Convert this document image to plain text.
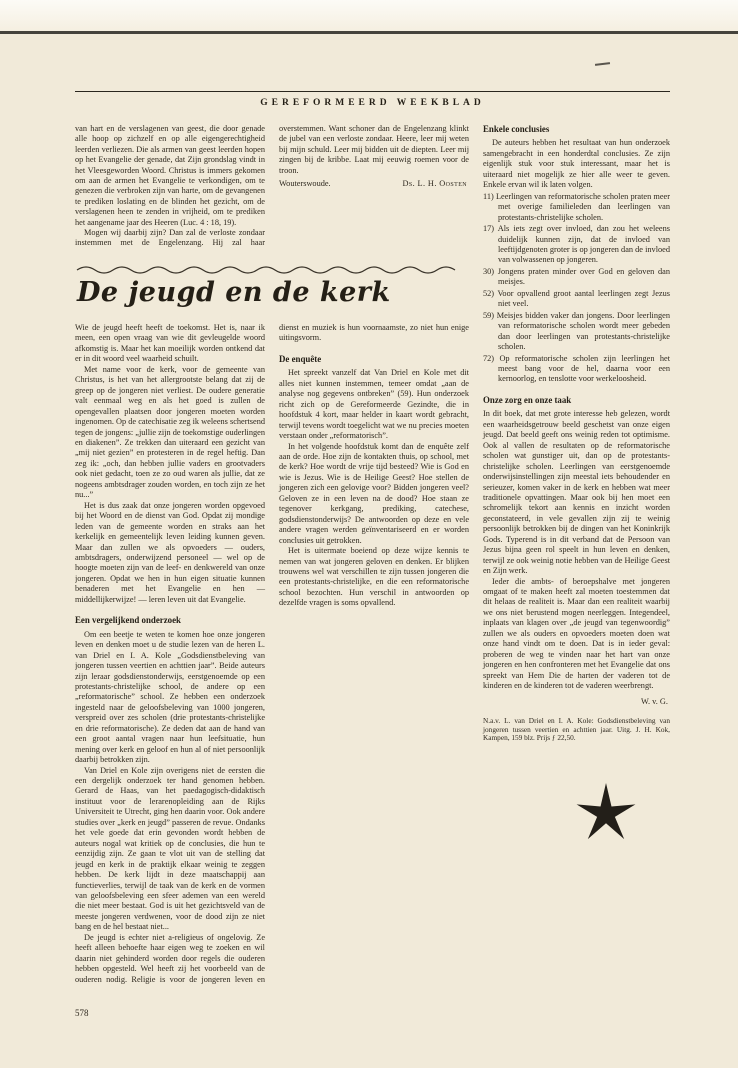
GEREFORMEERD WEEKBLAD

van hart en de verslagenen van geest, die door genade alle hoop op zichzelf en op alle eigengerechtigheid leerden verliezen. Die als armen van geest leerden hopen op het Evangelie der genade, dat Zijn grondslag vindt in het Vleesgeworden Woord. Christus is immers gekomen om aan de armen het Evangelie te verkondigen, om te genezen die verbroken zijn van harte, om de gevangenen te prediken loslating en de blinden het gezicht, om de verslagenen heen te zenden in vrijheid, om te prediken het aangename jaar des Heeren (Luc. 4 : 18, 19).

Mogen wij daarbij zijn? Dan zal de verloste zondaar instemmen met de Engelenzang. Hij zal haar overstemmen. Want schoner dan de Engelenzang klinkt de jubel van een verloste zondaar. Heere, leer mij weten bij mijn schuld. Leer mij bidden uit de diepten. Leer mij zingen bij de kribbe. Laat mij eeuwig roemen voor de troon.

Wouterswoude.	Ds. L. H. Oosten
De jeugd en de kerk

Wie de jeugd heeft heeft de toekomst. Het is, naar ik meen, een open vraag van wie dit gevleugelde woord afkomstig is. Maar het kan moeilijk worden ontkend dat er in dit woord veel waarheid schuilt.

Met name voor de kerk, voor de gemeente van Christus, is het van het allergrootste belang dat zij de greep op de jongeren niet verliest. De oudere generatie valt eenmaal weg en als het goed is zullen de opengevallen plaatsen door jongeren moeten worden ingenomen. Op de catechisatie zeg ik weleens schertsend tegen de jongens: „jullie zijn de toekomstige ouderlingen en diakenen”. Ze trekken dan uiteraard een gezicht van „mij niet gezien” en protesteren in de regel heftig. Dan zeg ik: „och, dan hebben jullie vaders en grootvaders ook niet gedacht, toen ze zo oud waren als jullie, dat ze nogeens ambtsdrager zouden worden, en toch zijn ze het nu...”

Het is dus zaak dat onze jongeren worden opgevoed bij het Woord en de dienst van God. Opdat zij mondige leden van de gemeente worden en straks aan het kerkelijk en gemeentelijk leven leiding kunnen geven. Maar dan zullen we als opvoeders — ouders, ambtsdragers, onderwijzend personeel — wel op de hoogte moeten zijn van de leef- en denkwereld van onze jongeren. Opdat we hen in hun eigen situatie kunnen benaderen met het Evangelie en hen — middellijkerwijze! — leren leven uit dat Evangelie.

Een vergelijkend onderzoek

Om een beetje te weten te komen hoe onze jongeren leven en denken moet u de studie lezen van de heren L. van Driel en I. A. Kole „Godsdienstbeleving van jongeren tussen veertien en achttien jaar”. Beide auteurs zijn leraar godsdienstonderwijs, eerstgenoemde op een protestants-christelijke school, de andere op een „reformatorische” school. Ze hebben een onderzoek ingesteld naar de geloofsbeleving van 1000 jongeren, verspreid over zes scholen (drie protestants-christelijke en drie reformatorische). Ze deden dat aan de hand van een groot aantal vragen naar hun leefsituatie, hun mening over kerk en geloof en hun al of niet persoonlijk daarbij betrokken zijn.

Van Driel en Kole zijn overigens niet de eersten die een dergelijk onderzoek ter hand genomen hebben. Gerard de Haas, van het paedagogisch-didaktisch instituut voor de lerarenopleiding aan de Rijks Universiteit te Utrecht, ging hen daarin voor. Ook andere studies over „kerk en jeugd” passeren de revue. Ondanks het vele goede dat erin gevonden wordt hebben de auteurs nogal wat kritiek op de conclusies, die hun te eenzijdig zijn. Ze gaan te vlot uit van de stelling dat jeugd en kerk in de praktijk elkaar weinig te zeggen hebben. De kerk lijdt in deze maatschappij aan functieverlies, terwijl de taak van de kerk en de vormen van geloofsbeleving een sfeer ademen van een wereld die niet meer bestaat. God is uit het gezichtsveld van de meeste jongeren verdwenen, voor de dood zijn ze niet bang en de hel bestaat niet...

De jeugd is echter niet a-religieus of ongelovig. Ze heeft alleen behoefte haar eigen weg te zoeken en wil daarin niet gehinderd worden door regels die ouderen hebben opgesteld. Wel heeft zij het voorbeeld van de ouderen nodig. Religie is voor de jongeren leven en dienst en muziek is hun voornaamste, zo niet hun enige uitingsvorm.

De enquête

Het spreekt vanzelf dat Van Driel en Kole met dit alles niet kunnen instemmen, temeer omdat „aan de analyse nog gegevens ontbreken” (59). Hun onderzoek richt zich op de Gereformeerde Gezindte, die in hoofdstuk 4 kort, maar helder in kaart wordt gebracht, terwijl tevens wordt toegelicht wat we nu precies moeten verstaan onder „reformatorisch”.

In het volgende hoofdstuk komt dan de enquête zelf aan de orde. Hoe zijn de kontakten thuis, op school, met de kerk? Hoe wordt de vrije tijd besteed? Wie is God en wie is Jezus. Wie is de Heilige Geest? Hoe stellen de jongeren zich een gelovige voor? Bidden jongeren veel? Geloven ze in een leven na de dood? Hoe staan ze tegenover kerkgang, prediking, catechese, godsdienstonderwijs? De antwoorden op deze en vele andere vragen werden geïnventariseerd en er worden conclusies uit getrokken.

Het is uitermate boeiend op deze wijze kennis te nemen van wat jongeren geloven en denken. Er blijken trouwens wel wat verschillen te zijn tussen jongeren die een protestants-christelijke, en die een reformatorische school bezochten. Hun verschil in antwoorden op dezelfde vragen is soms opvallend.

Enkele conclusies

De auteurs hebben het resultaat van hun onderzoek samengebracht in een honderdtal conclusies. Ze zijn eigenlijk stuk voor stuk interessant, maar het is uiteraard niet mogelijk ze hier alle weer te geven. Enkele ervan wil ik laten volgen.

11) Leerlingen van reformatorische scholen praten meer met overige familieleden dan leerlingen van protestants-christelijke scholen.
17) Als iets zegt over invloed, dan zou het weleens duidelijk kunnen zijn, dat de invloed van leeftijdgenoten groter is op jongeren dan de invloed van volwassenen op jongeren.
30) Jongens praten minder over God en geloven dan meisjes.
52) Voor opvallend groot aantal leerlingen zegt Jezus niet veel.
59) Meisjes bidden vaker dan jongens. Door leerlingen van reformatorische scholen wordt meer gebeden dan door leerlingen van protestants-christelijke scholen.
72) Op reformatorische scholen zijn leerlingen het meest bang voor de hel, daarna voor een kernoorlog, en tenslotte voor werkeloosheid.
Onze zorg en onze taak

In dit boek, dat met grote interesse heb gelezen, wordt een waarheidsgetrouw beeld geschetst van onze eigen jeugd. Dat beeld geeft ons weinig reden tot optimisme. Ook al vallen de resultaten op de reformatorische scholen wat gunstiger uit, dan op de protestants-christelijke scholen. Leerlingen van eerstgenoemde onderwijsinstellingen zijn meestal iets behoudender en serieuzer, komen vaker in de kerk en hebben wat meer traditionele opvattingen. Maar ook bij hen moet een schromelijk tekort aan kennis en inzicht worden geconstateerd, in vele gevallen zijn zij te weinig persoonlijk betrokken bij de dingen van het Koninkrijk Gods. Typerend is in dit verband dat de Persoon van Jezus bijna geen rol speelt in hun leven en denken, terwijl ze ook weinig notie hebben van de Heilige Geest en Zijn werk.

Ieder die ambts- of beroepshalve met jongeren omgaat of te maken heeft zal moeten toestemmen dat dit helaas de realiteit is. Maar dan een realiteit waarbij we ons niet berustend mogen neerleggen. Integendeel, inplaats van klagen over „de jeugd van tegenwoordig” zullen we als ouders en opvoeders moeten doen wat onze hand vindt om te doen. Dat is in ieder geval: proberen de weg te vinden naar het hart van onze jongeren en hen confronteren met het Evangelie dat ons spreekt van Hem Die de harten der vaderen tot de kinderen en de kinderen tot de vaderen weerbrengt.

W. v. G.

N.a.v. L. van Driel en I. A. Kole: Godsdienstbeleving van jongeren tussen veertien en achttien jaar. Uitg. J. H. Kok, Kampen, 159 blz. Prijs ƒ 22,50.

578
